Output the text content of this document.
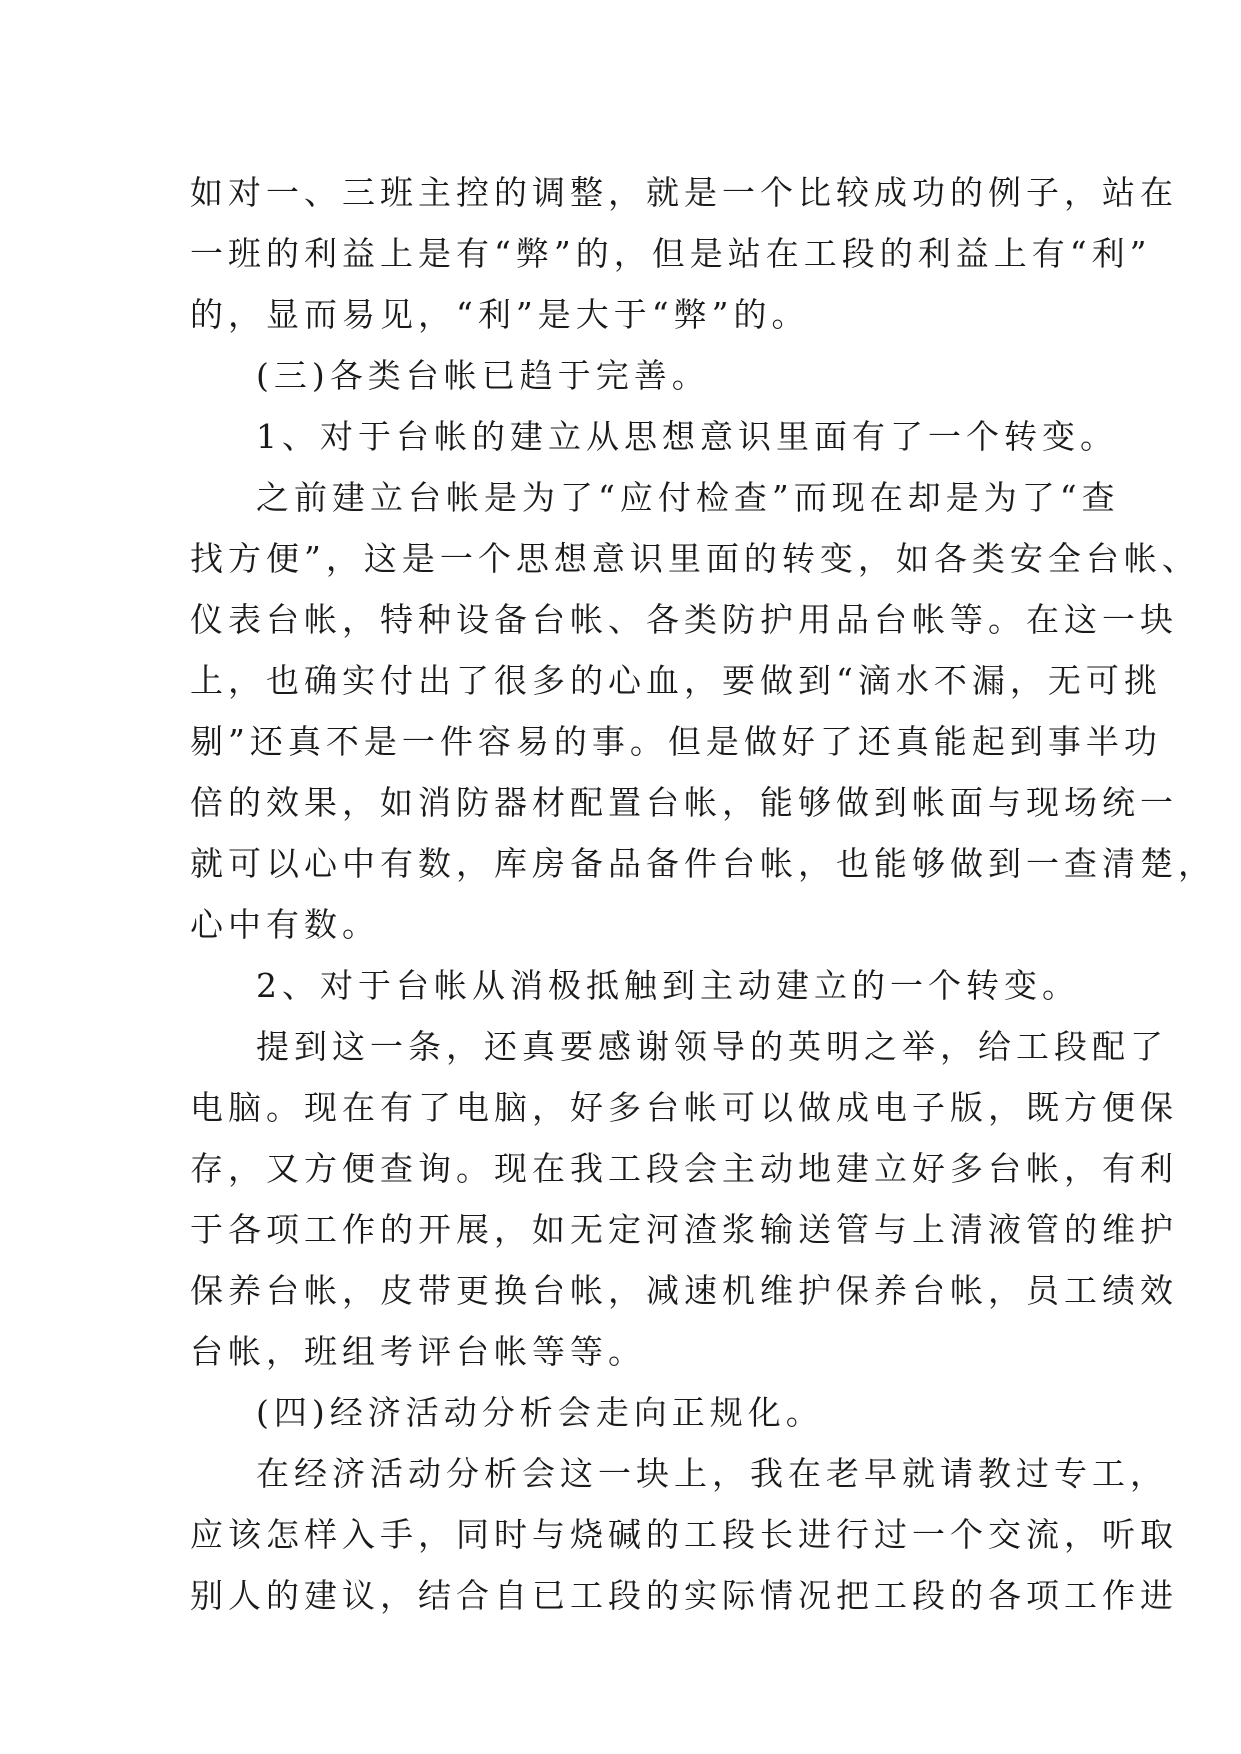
如对一、三班主控的调整，就是一个比较成功的例子，站在
一班的利益上是有“弊”的，但是站在工段的利益上有“利”
的，显而易见，“利”是大于“弊”的。
(三)各类台帐已趋于完善。
1、对于台帐的建立从思想意识里面有了一个转变。
之前建立台帐是为了“应付检查”而现在却是为了“查
找方便”，这是一个思想意识里面的转变，如各类安全台帐、
仪表台帐，特种设备台帐、各类防护用品台帐等。在这一块
上，也确实付出了很多的心血，要做到“滴水不漏，无可挑
剔”还真不是一件容易的事。但是做好了还真能起到事半功
倍的效果，如消防器材配置台帐，能够做到帐面与现场统一
就可以心中有数，库房备品备件台帐，也能够做到一查清楚，
心中有数。
2、对于台帐从消极抵触到主动建立的一个转变。
提到这一条，还真要感谢领导的英明之举，给工段配了
电脑。现在有了电脑，好多台帐可以做成电子版，既方便保
存，又方便查询。现在我工段会主动地建立好多台帐，有利
于各项工作的开展，如无定河渣浆输送管与上清液管的维护
保养台帐，皮带更换台帐，减速机维护保养台帐，员工绩效
台帐，班组考评台帐等等。
(四)经济活动分析会走向正规化。
在经济活动分析会这一块上，我在老早就请教过专工，
应该怎样入手，同时与烧碱的工段长进行过一个交流，听取
别人的建议，结合自已工段的实际情况把工段的各项工作进
